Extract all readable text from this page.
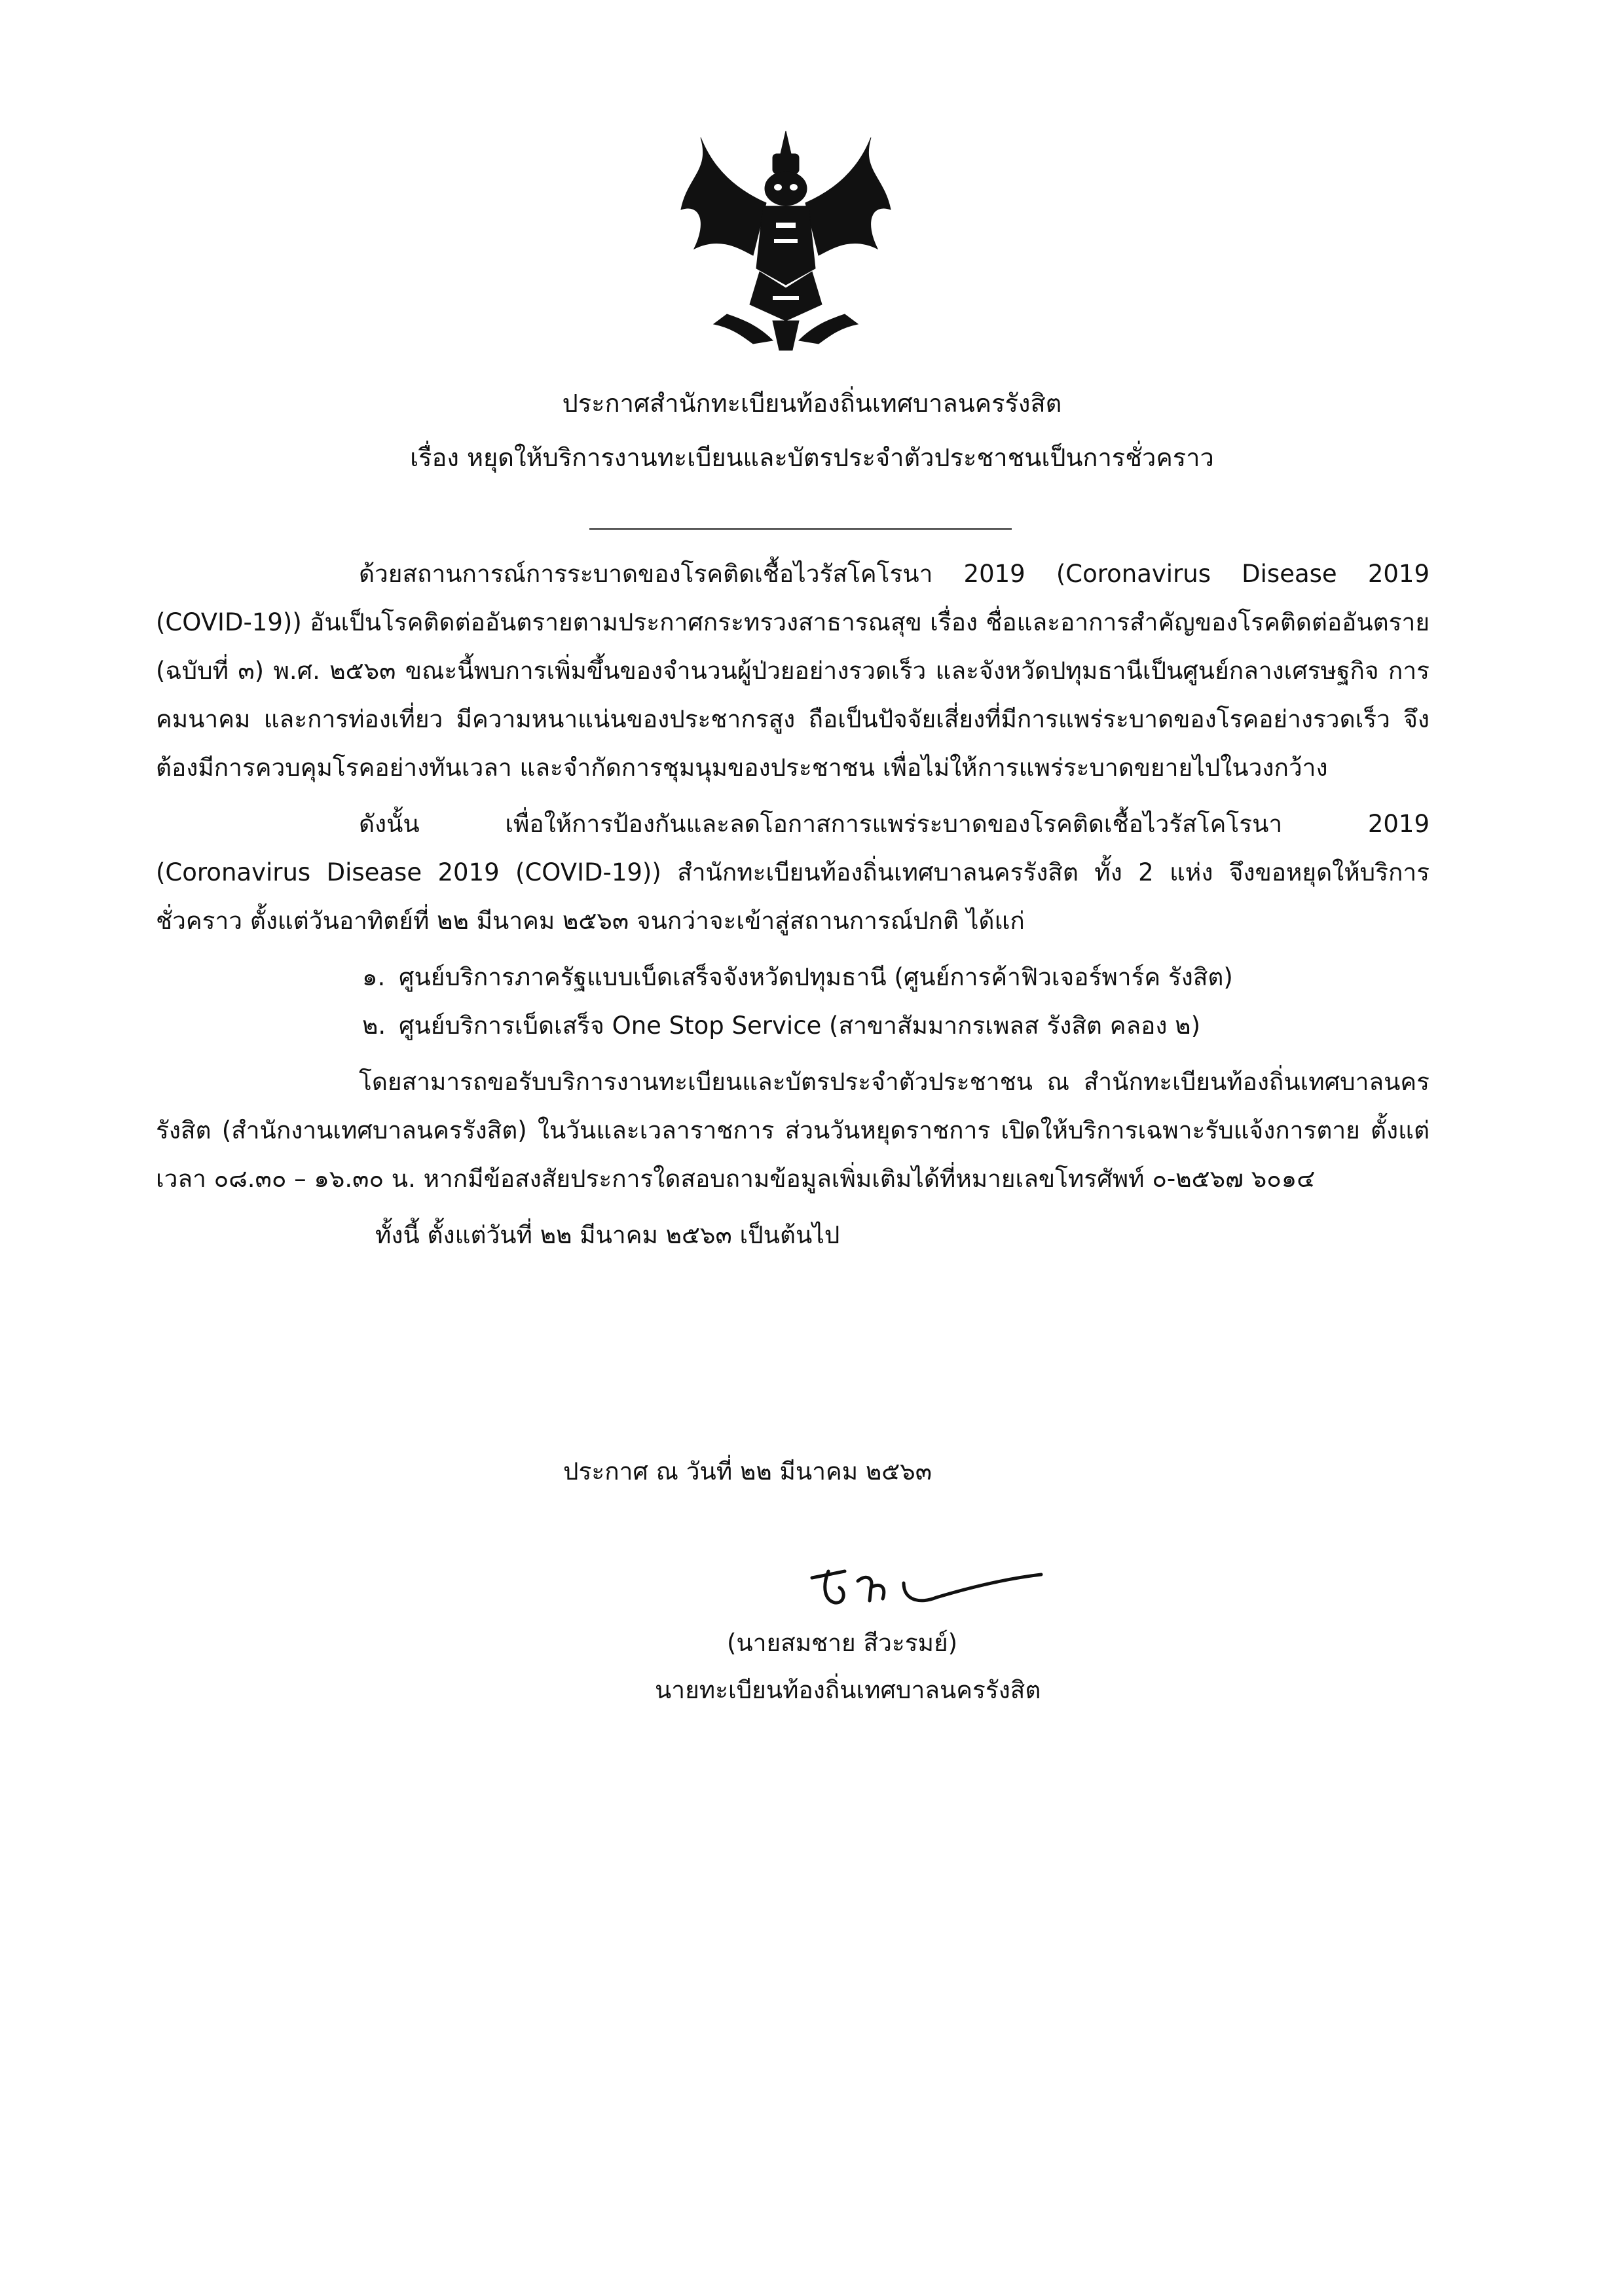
ประกาศสำนักทะเบียนท้องถิ่นเทศบาลนครรังสิต
เรื่อง หยุดให้บริการงานทะเบียนและบัตรประจำตัวประชาชนเป็นการชั่วคราว

ด้วยสถานการณ์การระบาดของโรคติดเชื้อไวรัสโคโรนา 2019 (Coronavirus Disease 2019 (COVID-19)) อันเป็นโรคติดต่ออันตรายตามประกาศกระทรวงสาธารณสุข เรื่อง ชื่อและอาการสำคัญของโรคติดต่ออันตราย (ฉบับที่ ๓) พ.ศ. ๒๕๖๓ ขณะนี้พบการเพิ่มขึ้นของจำนวนผู้ป่วยอย่างรวดเร็ว และจังหวัดปทุมธานีเป็นศูนย์กลางเศรษฐกิจ การคมนาคม และการท่องเที่ยว มีความหนาแน่นของประชากรสูง ถือเป็นปัจจัยเสี่ยงที่มีการแพร่ระบาดของโรคอย่างรวดเร็ว จึงต้องมีการควบคุมโรคอย่างทันเวลา และจำกัดการชุมนุมของประชาชน เพื่อไม่ให้การแพร่ระบาดขยายไปในวงกว้าง

ดังนั้น เพื่อให้การป้องกันและลดโอกาสการแพร่ระบาดของโรคติดเชื้อไวรัสโคโรนา 2019 (Coronavirus Disease 2019 (COVID-19)) สำนักทะเบียนท้องถิ่นเทศบาลนครรังสิต ทั้ง 2 แห่ง จึงขอหยุดให้บริการชั่วคราว ตั้งแต่วันอาทิตย์ที่ ๒๒ มีนาคม ๒๕๖๓ จนกว่าจะเข้าสู่สถานการณ์ปกติ ได้แก่

๑. ศูนย์บริการภาครัฐแบบเบ็ดเสร็จจังหวัดปทุมธานี (ศูนย์การค้าฟิวเจอร์พาร์ค รังสิต)
๒. ศูนย์บริการเบ็ดเสร็จ One Stop Service (สาขาสัมมากรเพลส รังสิต คลอง ๒)

โดยสามารถขอรับบริการงานทะเบียนและบัตรประจำตัวประชาชน ณ สำนักทะเบียนท้องถิ่นเทศบาลนครรังสิต (สำนักงานเทศบาลนครรังสิต) ในวันและเวลาราชการ ส่วนวันหยุดราชการ เปิดให้บริการเฉพาะรับแจ้งการตาย ตั้งแต่เวลา ๐๘.๓๐ – ๑๖.๓๐ น. หากมีข้อสงสัยประการใดสอบถามข้อมูลเพิ่มเติมได้ที่หมายเลขโทรศัพท์ ๐-๒๕๖๗ ๖๐๑๔

ทั้งนี้ ตั้งแต่วันที่ ๒๒ มีนาคม ๒๕๖๓ เป็นต้นไป
ประกาศ ณ วันที่ ๒๒ มีนาคม ๒๕๖๓
(นายสมชาย สีวะรมย์)
นายทะเบียนท้องถิ่นเทศบาลนครรังสิต
